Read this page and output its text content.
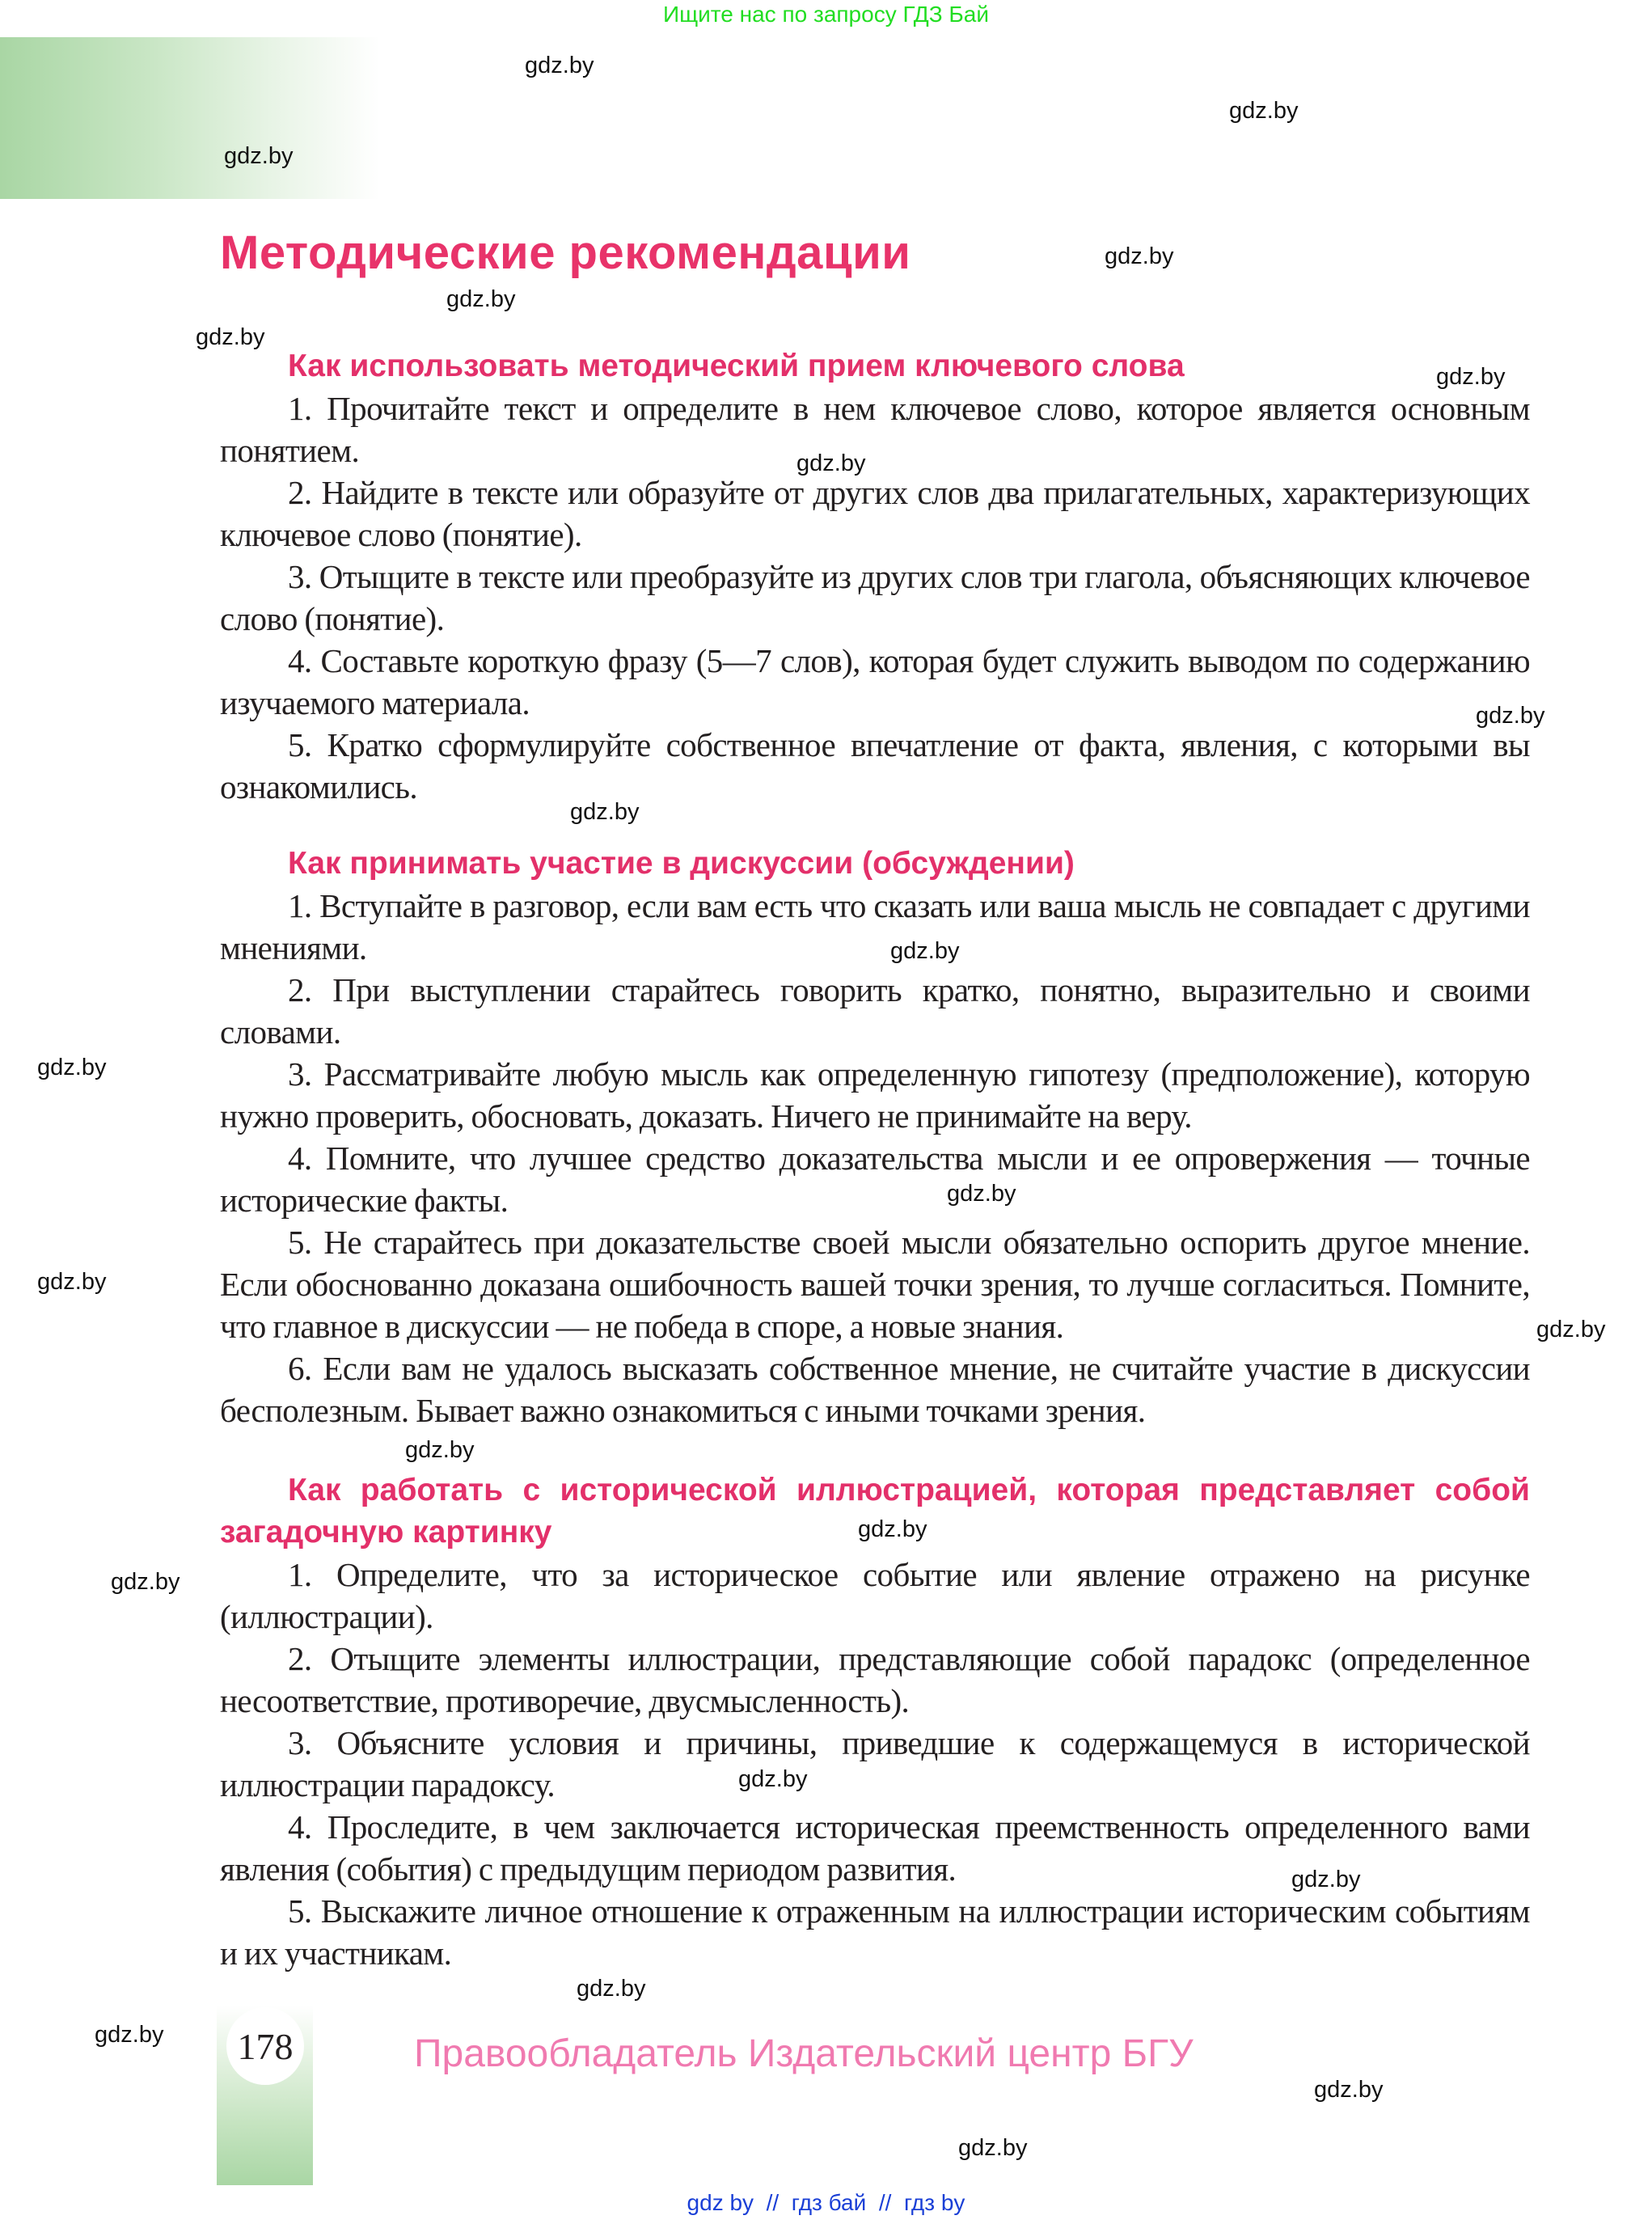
Ищите нас по запросу ГДЗ Бай
Методические рекомендации
Как использовать методический прием ключевого слова

1. Прочитайте текст и определите в нем ключевое слово, которое является основным понятием.

2. Найдите в тексте или образуйте от других слов два прилагательных, характеризующих ключевое слово (понятие).

3. Отыщите в тексте или преобразуйте из других слов три глагола, объясняющих ключевое слово (понятие).

4. Составьте короткую фразу (5—7 слов), которая будет служить выводом по содержанию изучаемого материала.

5. Кратко сформулируйте собственное впечатление от факта, явления, с которыми вы ознакомились.

Как принимать участие в дискуссии (обсуждении)

1. Вступайте в разговор, если вам есть что сказать или ваша мысль не совпадает с другими мнениями.

2. При выступлении старайтесь говорить кратко, понятно, выразительно и своими словами.

3. Рассматривайте любую мысль как определенную гипотезу (предположение), которую нужно проверить, обосновать, доказать. Ничего не принимайте на веру.

4. Помните, что лучшее средство доказательства мысли и ее опровержения — точные исторические факты.

5. Не старайтесь при доказательстве своей мысли обязательно оспорить другое мнение. Если обоснованно доказана ошибочность вашей точки зрения, то лучше согласиться. Помните, что главное в дискуссии — не победа в споре, а новые знания.

6. Если вам не удалось высказать собственное мнение, не считайте участие в дискуссии бесполезным. Бывает важно ознакомиться с иными точками зрения.

Как работать с исторической иллюстрацией, которая представляет собой загадочную картинку

1. Определите, что за историческое событие или явление отражено на рисунке (иллюстрации).

2. Отыщите элементы иллюстрации, представляющие собой парадокс (определенное несоответствие, противоречие, двусмысленность).

3. Объясните условия и причины, приведшие к содержащемуся в исторической иллюстрации парадоксу.

4. Проследите, в чем заключается историческая преемственность определенного вами явления (события) с предыдущим периодом развития.

5. Выскажите личное отношение к отраженным на иллюстрации историческим событиям и их участникам.

178	Правообладатель Издательский центр БГУ
gdz by // гдз бай // гдз by
gdz.by
gdz.by
gdz.by
gdz.by
gdz.by
gdz.by
gdz.by
gdz.by
gdz.by
gdz.by
gdz.by
gdz.by
gdz.by
gdz.by
gdz.by
gdz.by
gdz.by
gdz.by
gdz.by
gdz.by
gdz.by
gdz.by
gdz.by
gdz.by
